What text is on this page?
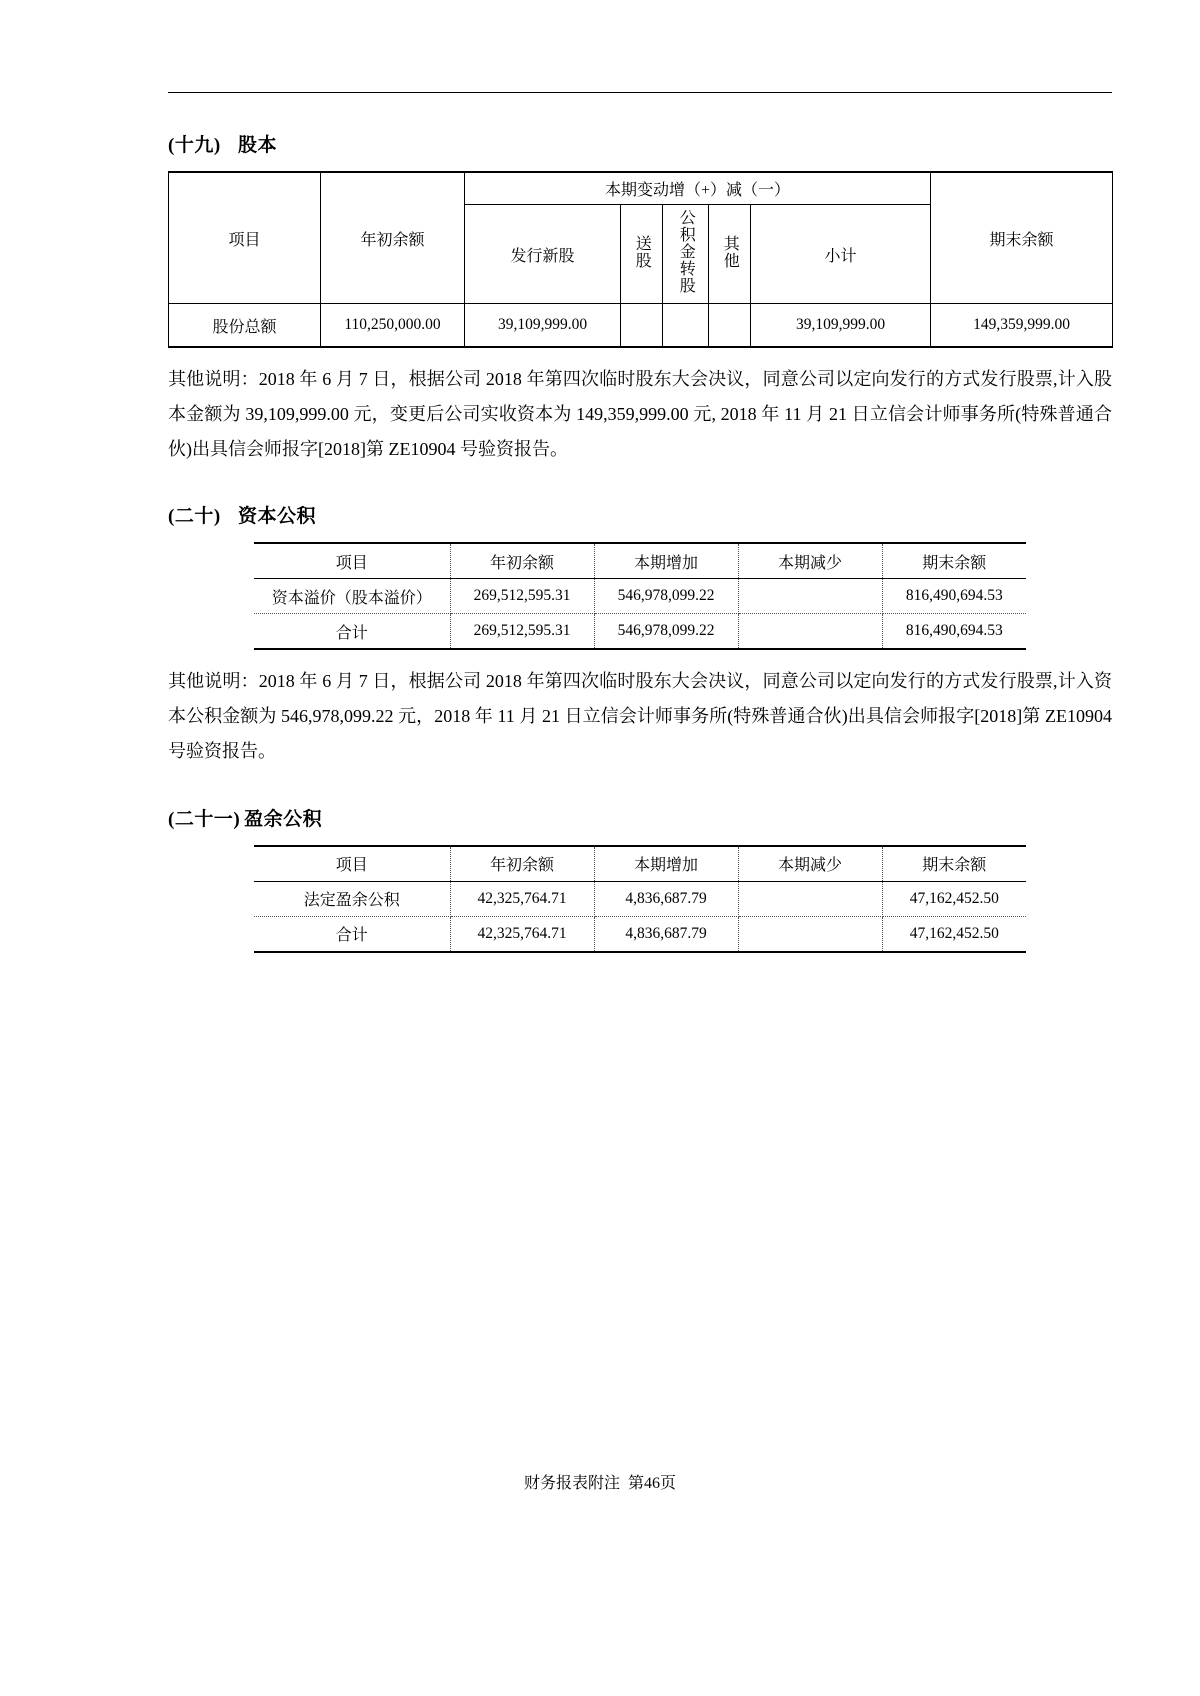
(十九) 股本
项目	年初余额	本期变动增（+）减（一）					期末余额
		发行新股	送股	公积金转股	其他	小计	
股份总额	110,250,000.00	39,109,999.00				39,109,999.00	149,359,999.00

其他说明：2018 年 6 月 7 日，根据公司 2018 年第四次临时股东大会决议，同意公司以定向发行的方式发行股票,计入股本金额为 39,109,999.00 元，变更后公司实收资本为 149,359,999.00 元, 2018 年 11 月 21 日立信会计师事务所(特殊普通合伙)出具信会师报字[2018]第 ZE10904 号验资报告。

(二十) 资本公积
项目	年初余额	本期增加	本期减少	期末余额
资本溢价（股本溢价）	269,512,595.31	546,978,099.22		816,490,694.53
合计	269,512,595.31	546,978,099.22		816,490,694.53

其他说明：2018 年 6 月 7 日，根据公司 2018 年第四次临时股东大会决议，同意公司以定向发行的方式发行股票,计入资本公积金额为 546,978,099.22 元，2018 年 11 月 21 日立信会计师事务所(特殊普通合伙)出具信会师报字[2018]第 ZE10904 号验资报告。

(二十一) 盈余公积
项目	年初余额	本期增加	本期减少	期末余额
法定盈余公积	42,325,764.71	4,836,687.79		47,162,452.50
合计	42,325,764.71	4,836,687.79		47,162,452.50
财务报表附注 第46页
